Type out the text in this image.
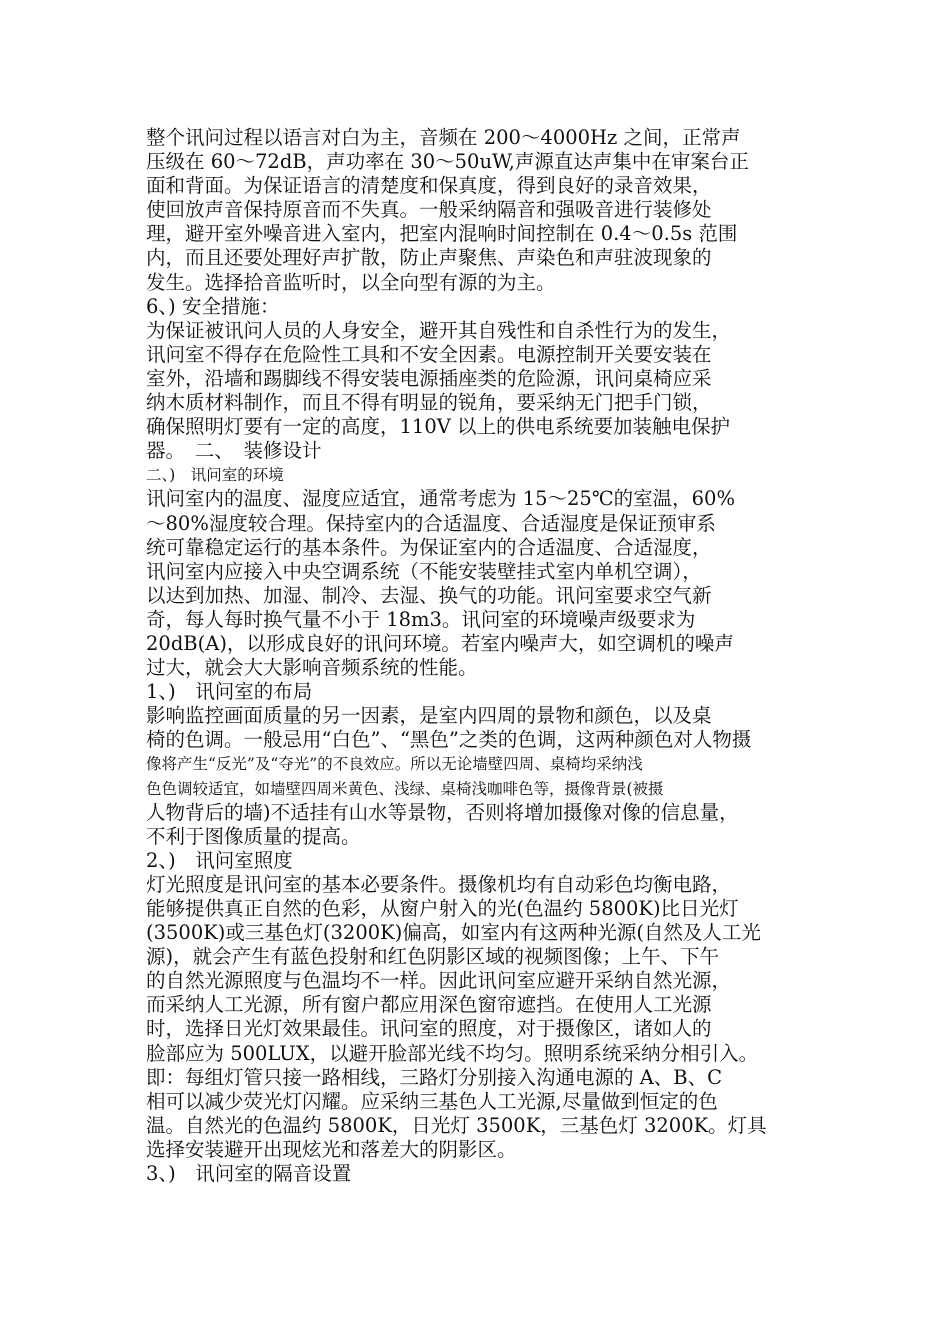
整个讯问过程以语言对白为主，音频在 200～4000Hz 之间，正常声
压级在 60～72dB，声功率在 30～50uW,声源直达声集中在审案台正
面和背面。为保证语言的清楚度和保真度，得到良好的录音效果，
使回放声音保持原音而不失真。一般采纳隔音和强吸音进行装修处
理，避开室外噪音进入室内，把室内混响时间控制在 0.4～0.5s 范围
内，而且还要处理好声扩散，防止声聚焦、声染色和声驻波现象的
发生。选择拾音监听时，以全向型有源的为主。
6、) 安全措施：
为保证被讯问人员的人身安全，避开其自残性和自杀性行为的发生，
讯问室不得存在危险性工具和不安全因素。电源控制开关要安装在
室外，沿墙和踢脚线不得安装电源插座类的危险源，讯问桌椅应采
纳木质材料制作，而且不得有明显的锐角，要采纳无门把手门锁，
确保照明灯要有一定的高度，110V 以上的供电系统要加装触电保护
器。　二、　装修设计
二、)　讯问室的环境
讯问室内的温度、湿度应适宜，通常考虑为 15～25℃的室温，60%
～80%湿度较合理。保持室内的合适温度、合适湿度是保证预审系
统可靠稳定运行的基本条件。为保证室内的合适温度、合适湿度，
讯问室内应接入中央空调系统（不能安装壁挂式室内单机空调），
以达到加热、加湿、制冷、去湿、换气的功能。讯问室要求空气新
奇，每人每时换气量不小于 18m3。讯问室的环境噪声级要求为
20dB(A)，以形成良好的讯问环境。若室内噪声大，如空调机的噪声
过大，就会大大影响音频系统的性能。
1、)　讯问室的布局
影响监控画面质量的另一因素，是室内四周的景物和颜色，以及桌
椅的色调。一般忌用“白色”、“黑色”之类的色调，这两种颜色对人物摄
像将产生“反光”及“夺光”的不良效应。所以无论墙壁四周、桌椅均采纳浅
色色调较适宜，如墙壁四周米黄色、浅绿、桌椅浅咖啡色等，摄像背景(被摄
人物背后的墙)不适挂有山水等景物，否则将增加摄像对像的信息量，
不利于图像质量的提高。
2、)　讯问室照度
灯光照度是讯问室的基本必要条件。摄像机均有自动彩色均衡电路，
能够提供真正自然的色彩，从窗户射入的光(色温约 5800K)比日光灯
(3500K)或三基色灯(3200K)偏高，如室内有这两种光源(自然及人工光
源)，就会产生有蓝色投射和红色阴影区域的视频图像；上午、下午
的自然光源照度与色温均不一样。因此讯问室应避开采纳自然光源，
而采纳人工光源，所有窗户都应用深色窗帘遮挡。在使用人工光源
时，选择日光灯效果最佳。讯问室的照度，对于摄像区，诸如人的
脸部应为 500LUX，以避开脸部光线不均匀。照明系统采纳分相引入。
即：每组灯管只接一路相线，三路灯分别接入沟通电源的 A、B、C
相可以减少荧光灯闪耀。应采纳三基色人工光源,尽量做到恒定的色
温。自然光的色温约 5800K，日光灯 3500K，三基色灯 3200K。灯具
选择安装避开出现炫光和落差大的阴影区。
3、)　讯问室的隔音设置
